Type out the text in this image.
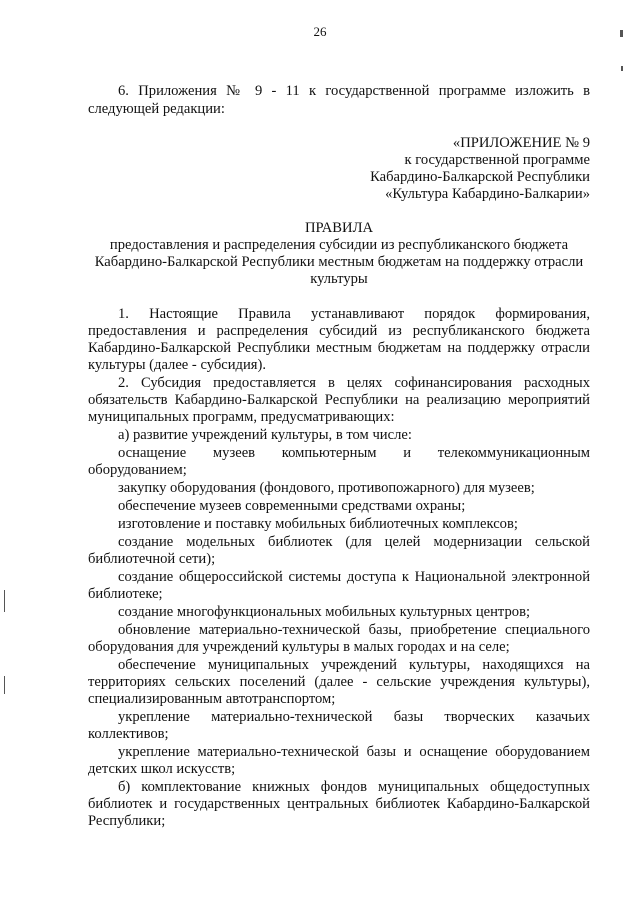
26
6. Приложения № 9 - 11 к государственной программе изложить в
следующей редакции:
«ПРИЛОЖЕНИЕ № 9
к государственной программе
Кабардино-Балкарской Республики
«Культура Кабардино-Балкарии»
ПРАВИЛА
предоставления и распределения субсидии из республиканского бюджета
Кабардино-Балкарской Республики местным бюджетам на поддержку отрасли
культуры
1. Настоящие Правила устанавливают порядок формирования,
предоставления и распределения субсидий из республиканского бюджета
Кабардино-Балкарской Республики местным бюджетам на поддержку отрасли
культуры (далее - субсидия).
2. Субсидия предоставляется в целях софинансирования расходных
обязательств Кабардино-Балкарской Республики на реализацию мероприятий
муниципальных программ, предусматривающих:
а) развитие учреждений культуры, в том числе:
оснащение музеев компьютерным и телекоммуникационным
оборудованием;
закупку оборудования (фондового, противопожарного) для музеев;
обеспечение музеев современными средствами охраны;
изготовление и поставку мобильных библиотечных комплексов;
создание модельных библиотек (для целей модернизации сельской
библиотечной сети);
создание общероссийской системы доступа к Национальной электронной
библиотеке;
создание многофункциональных мобильных культурных центров;
обновление материально-технической базы, приобретение специального
оборудования для учреждений культуры в малых городах и на селе;
обеспечение муниципальных учреждений культуры, находящихся на
территориях сельских поселений (далее - сельские учреждения культуры),
специализированным автотранспортом;
укрепление материально-технической базы творческих казачьих
коллективов;
укрепление материально-технической базы и оснащение оборудованием
детских школ искусств;
б) комплектование книжных фондов муниципальных общедоступных
библиотек и государственных центральных библиотек Кабардино-Балкарской
Республики;
